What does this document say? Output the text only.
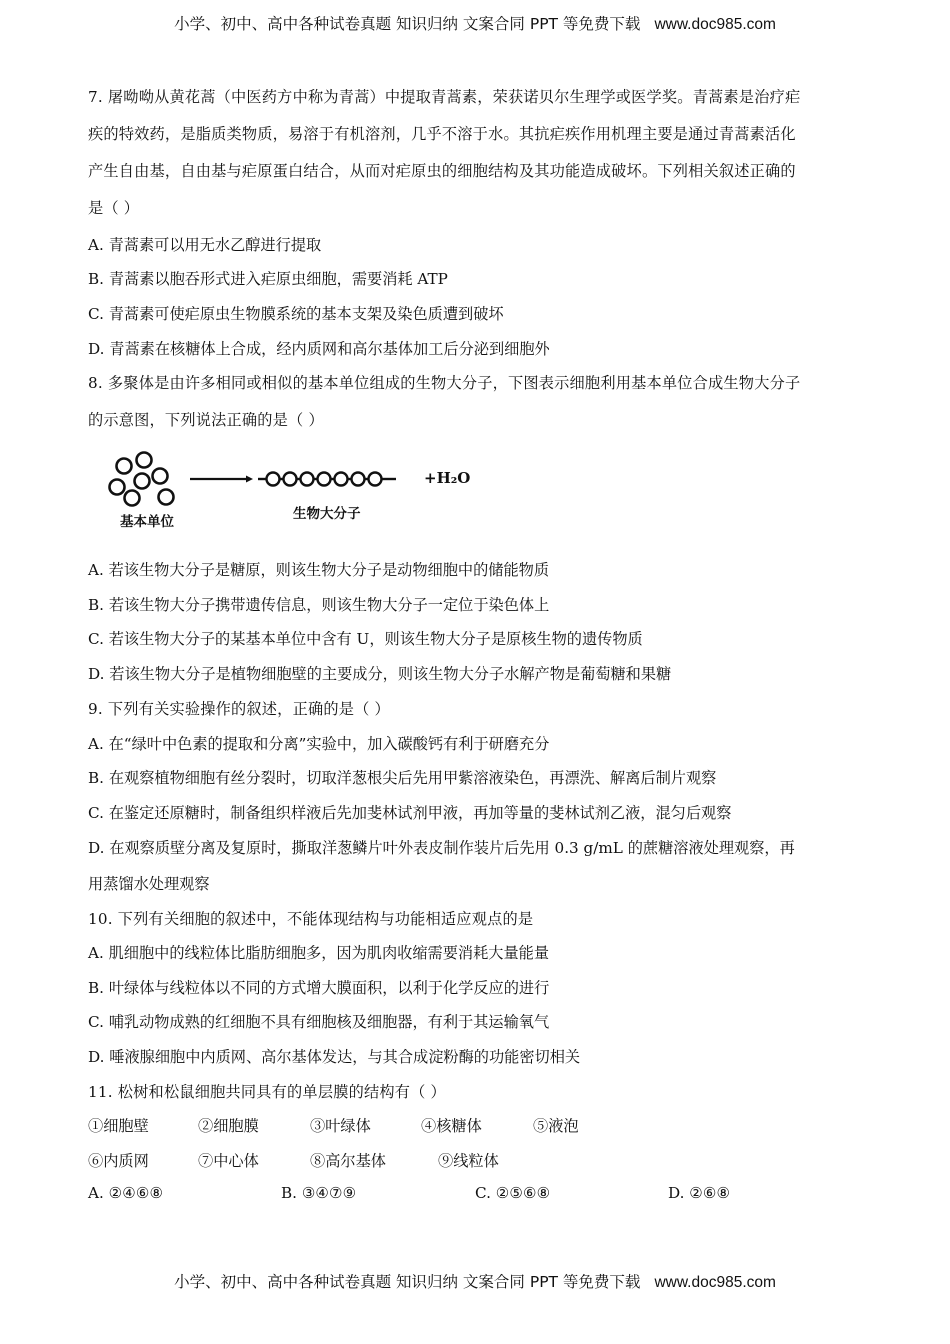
小学、初中、高中各种试卷真题 知识归纳 文案合同 PPT 等免费下载 www.doc985.com
7. 屠呦呦从黄花蒿（中医药方中称为青蒿）中提取青蒿素，荣获诺贝尔生理学或医学奖。青蒿素是治疗疟
疾的特效药，是脂质类物质，易溶于有机溶剂，几乎不溶于水。其抗疟疾作用机理主要是通过青蒿素活化
产生自由基，自由基与疟原蛋白结合，从而对疟原虫的细胞结构及其功能造成破坏。下列相关叙述正确的
是（ ）
A. 青蒿素可以用无水乙醇进行提取
B. 青蒿素以胞吞形式进入疟原虫细胞，需要消耗 ATP
C. 青蒿素可使疟原虫生物膜系统的基本支架及染色质遭到破坏
D. 青蒿素在核糖体上合成，经内质网和高尔基体加工后分泌到细胞外
8. 多聚体是由许多相同或相似的基本单位组成的生物大分子，下图表示细胞利用基本单位合成生物大分子
的示意图，下列说法正确的是（ ）
+H₂O
基本单位	生物大分子
A. 若该生物大分子是糖原，则该生物大分子是动物细胞中的储能物质
B. 若该生物大分子携带遗传信息，则该生物大分子一定位于染色体上
C. 若该生物大分子的某基本单位中含有 U，则该生物大分子是原核生物的遗传物质
D. 若该生物大分子是植物细胞壁的主要成分，则该生物大分子水解产物是葡萄糖和果糖
9. 下列有关实验操作的叙述，正确的是（ ）
A. 在“绿叶中色素的提取和分离”实验中，加入碳酸钙有利于研磨充分
B. 在观察植物细胞有丝分裂时，切取洋葱根尖后先用甲紫溶液染色，再漂洗、解离后制片观察
C. 在鉴定还原糖时，制备组织样液后先加斐林试剂甲液，再加等量的斐林试剂乙液，混匀后观察
D. 在观察质壁分离及复原时，撕取洋葱鳞片叶外表皮制作装片后先用 0.3 g/mL 的蔗糖溶液处理观察，再
用蒸馏水处理观察
10. 下列有关细胞的叙述中，不能体现结构与功能相适应观点的是
A. 肌细胞中的线粒体比脂肪细胞多，因为肌肉收缩需要消耗大量能量
B. 叶绿体与线粒体以不同的方式增大膜面积，以利于化学反应的进行
C. 哺乳动物成熟的红细胞不具有细胞核及细胞器，有利于其运输氧气
D. 唾液腺细胞中内质网、高尔基体发达，与其合成淀粉酶的功能密切相关
11. 松树和松鼠细胞共同具有的单层膜的结构有（ ）
①细胞壁	②细胞膜	③叶绿体	④核糖体	⑤液泡
⑥内质网	⑦中心体	⑧高尔基体	⑨线粒体
A. ②④⑥⑧	B. ③④⑦⑨	C. ②⑤⑥⑧	D. ②⑥⑧
小学、初中、高中各种试卷真题 知识归纳 文案合同 PPT 等免费下载 www.doc985.com
